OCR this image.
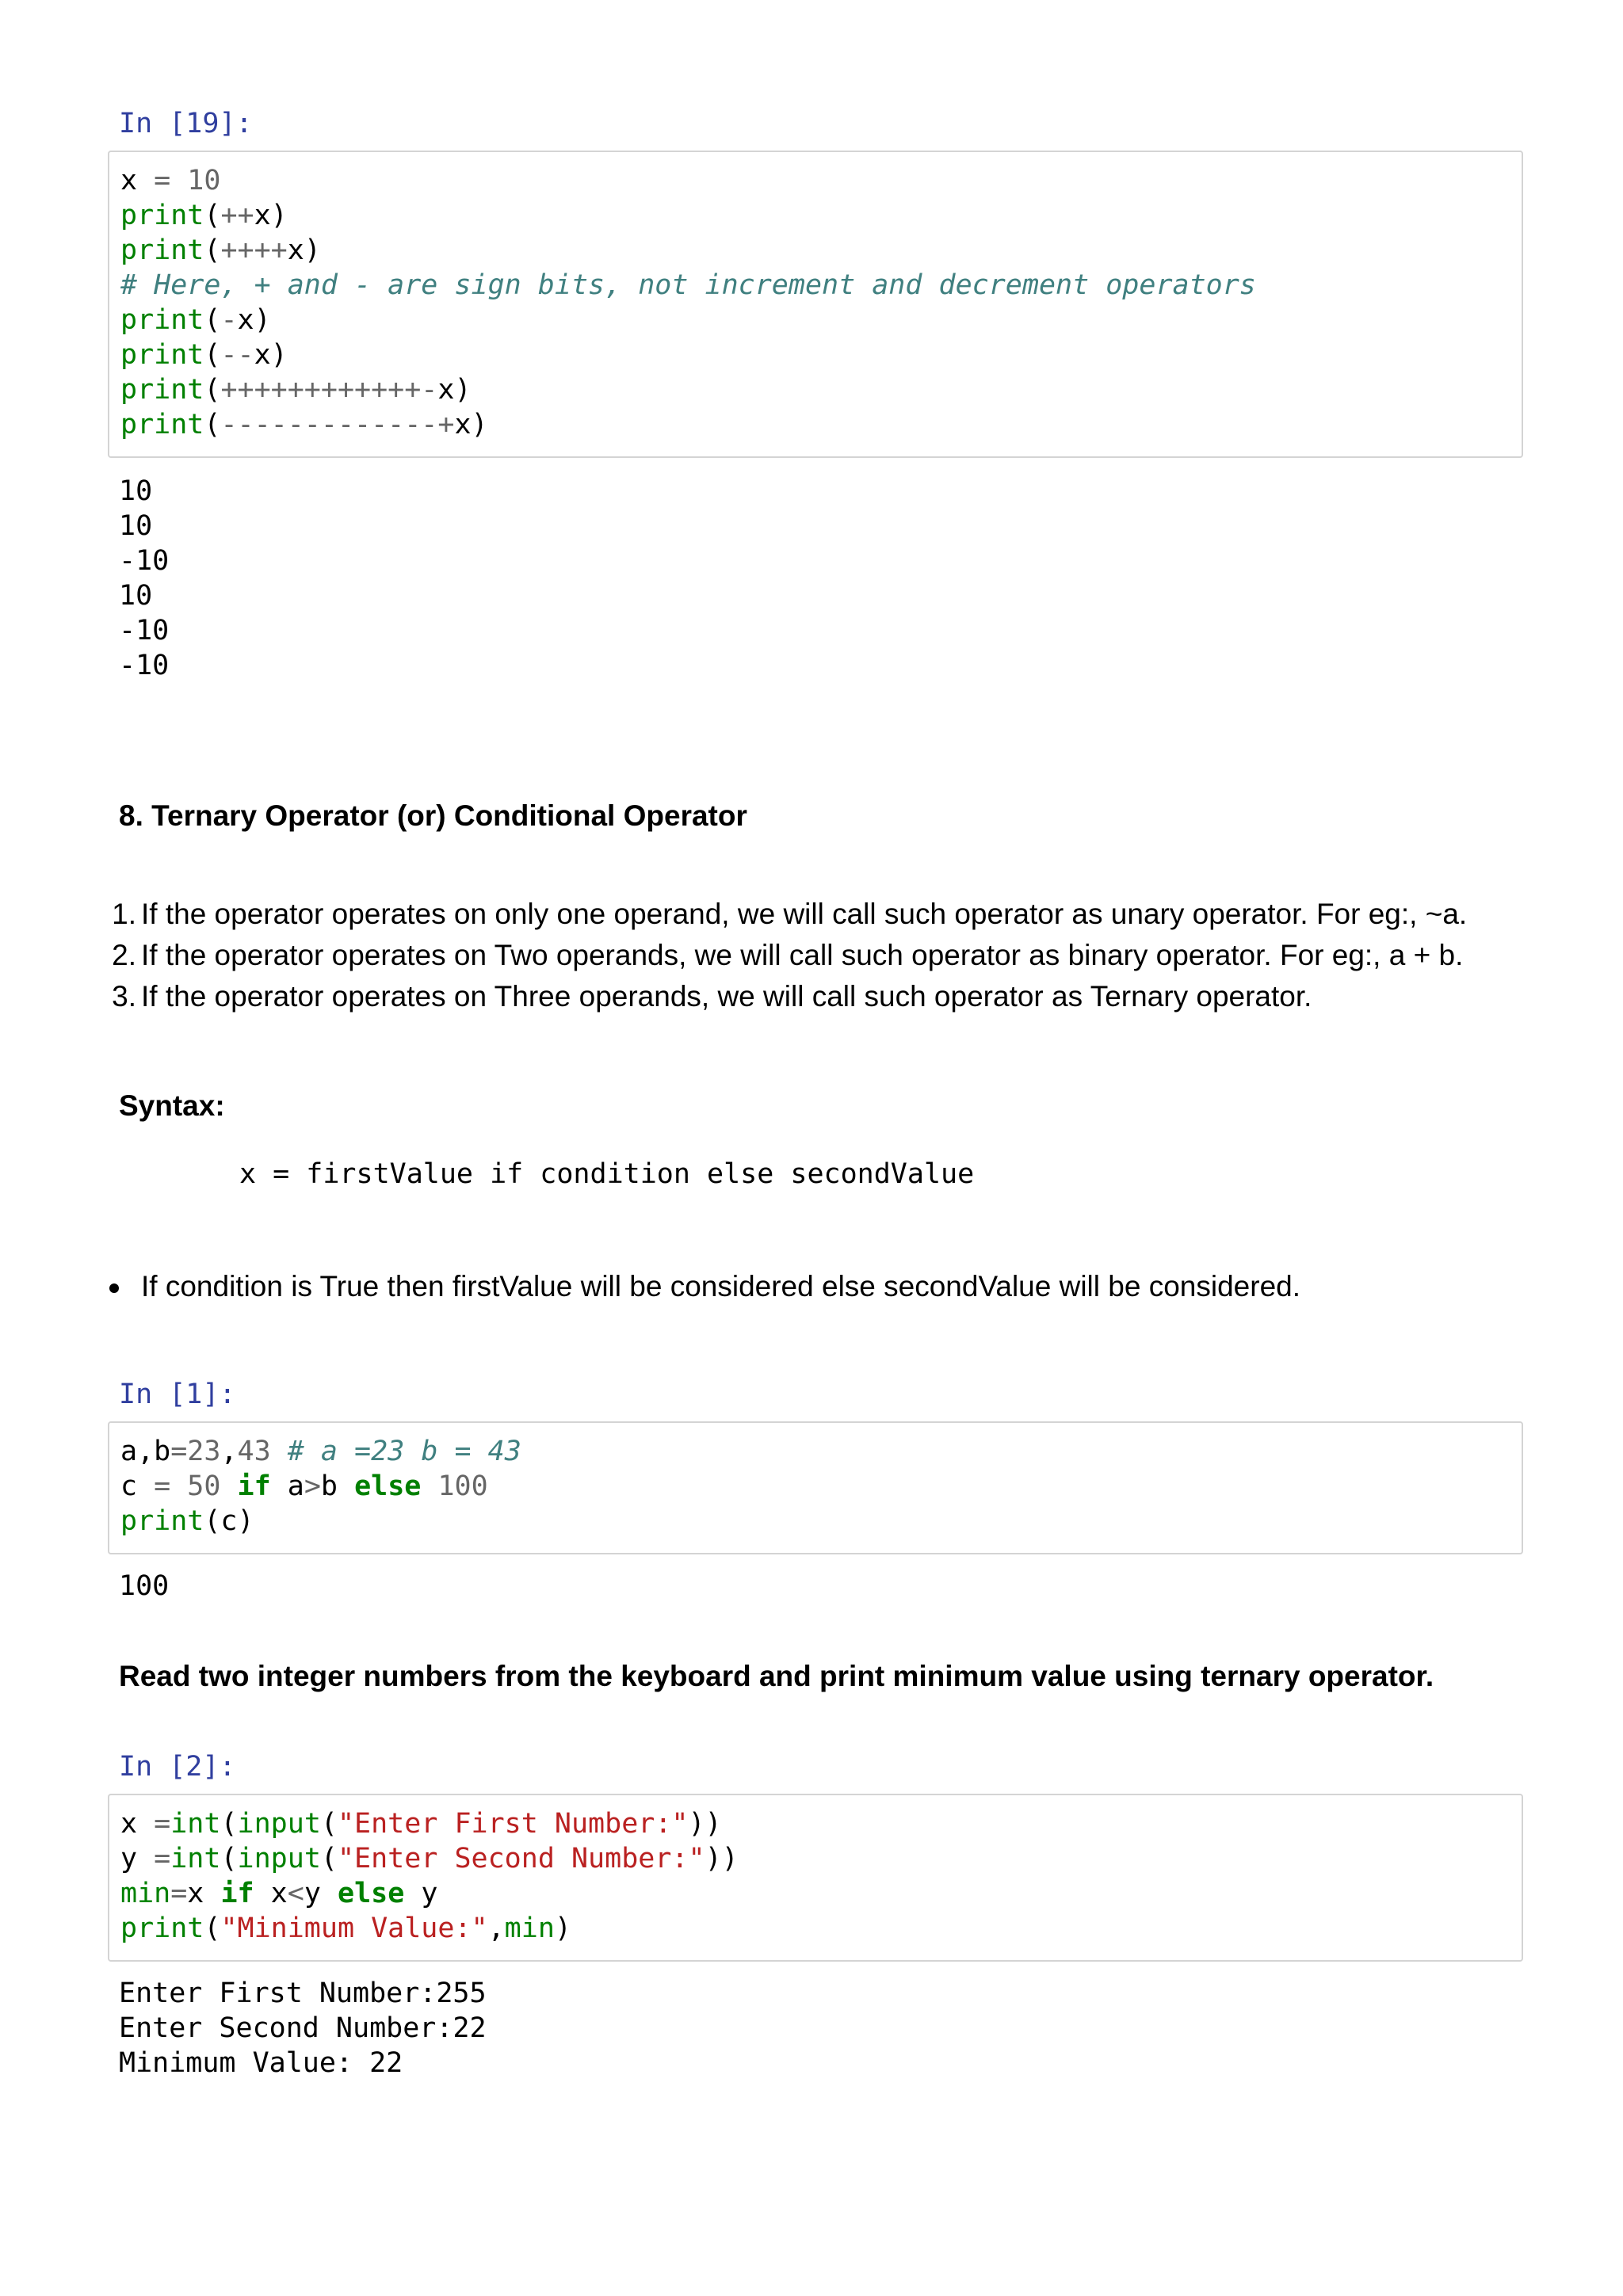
In [19]:
x = 10
print(++x)
print(++++x)
# Here, + and - are sign bits, not increment and decrement operators
print(-x)
print(--x)
print(++++++++++++-x)
print(-------------+x)
10
10
-10
10
-10
-10
8. Ternary Operator (or) Conditional Operator
1. If the operator operates on only one operand, we will call such operator as unary operator. For eg:, ~a.
2. If the operator operates on Two operands, we will call such operator as binary operator. For eg:, a + b.
3. If the operator operates on Three operands, we will call such operator as Ternary operator.
Syntax:
x = firstValue if condition else secondValue
If condition is True then firstValue will be considered else secondValue will be considered.
In [1]:
a,b=23,43 # a =23 b = 43
c = 50 if a>b else 100
print(c)
100
Read two integer numbers from the keyboard and print minimum value using ternary operator.
In [2]:
x =int(input("Enter First Number:"))
y =int(input("Enter Second Number:"))
min=x if x<y else y
print("Minimum Value:",min)
Enter First Number:255
Enter Second Number:22
Minimum Value: 22
